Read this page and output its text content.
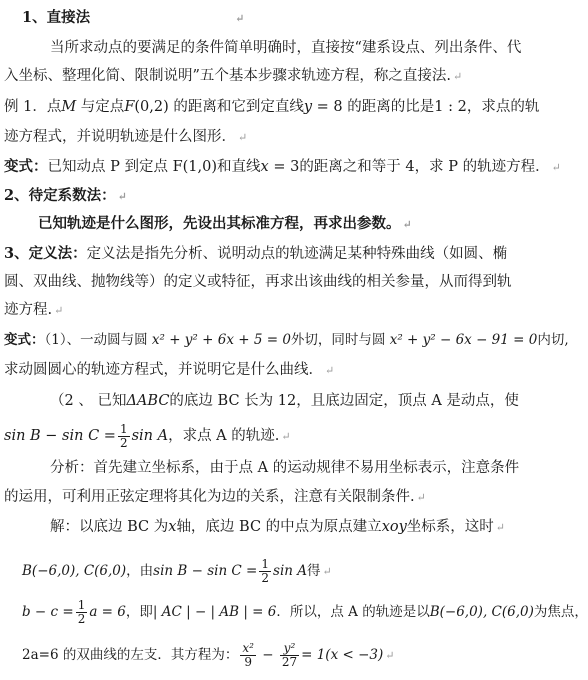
1、直接法	↵
当所求动点的要满足的条件简单明确时，直接按“建系设点、列出条件、代
入坐标、整理化简、限制说明”五个基本步骤求轨迹方程，称之直接法. ↵
例 1．点M 与定点F(0,2) 的距离和它到定直线y = 8 的距离的比是1 : 2，求点的轨
迹方程式，并说明轨迹是什么图形． ↵
变式：已知动点 P 到定点 F(1,0)和直线x = 3的距离之和等于 4，求 P 的轨迹方程． ↵
2、待定系数法： ↵
已知轨迹是什么图形，先设出其标准方程，再求出参数。 ↵
3、定义法：定义法是指先分析、说明动点的轨迹满足某种特殊曲线（如圆、椭
圆、双曲线、抛物线等）的定义或特征，再求出该曲线的相关参量，从而得到轨
迹方程. ↵
变式：（1）、一动圆与圆 x² + y² + 6x + 5 = 0外切，同时与圆 x² + y² − 6x − 91 = 0内切,
求动圆圆心的轨迹方程式，并说明它是什么曲线． ↵
（2 、 已知ΔABC的底边 BC 长为 12，且底边固定，顶点 A 是动点，使
$\sin B - \sin C = \frac{1}{2}$ sin A，求点 A 的轨迹. ↵
分析：首先建立坐标系，由于点 A 的运动规律不易用坐标表示，注意条件
的运用，可利用正弦定理将其化为边的关系，注意有关限制条件. ↵
解：以底边 BC 为x轴，底边 BC 的中点为原点建立xoy坐标系，这时 ↵
B(−6,0), C(6,0)，由$\sin B - \sin C = \frac{1}{2}$ sin A得 ↵
$b - c = \frac{1}{2}$ a = 6，即| AC | − | AB | = 6．所以，点 A 的轨迹是以B(−6,0), C(6,0)为焦点，
2a=6 的双曲线的左支．其方程为： $\frac{\text{x²}}{9} - \frac{\text{y²}}{27} = 1(x < -3)$ ↵
